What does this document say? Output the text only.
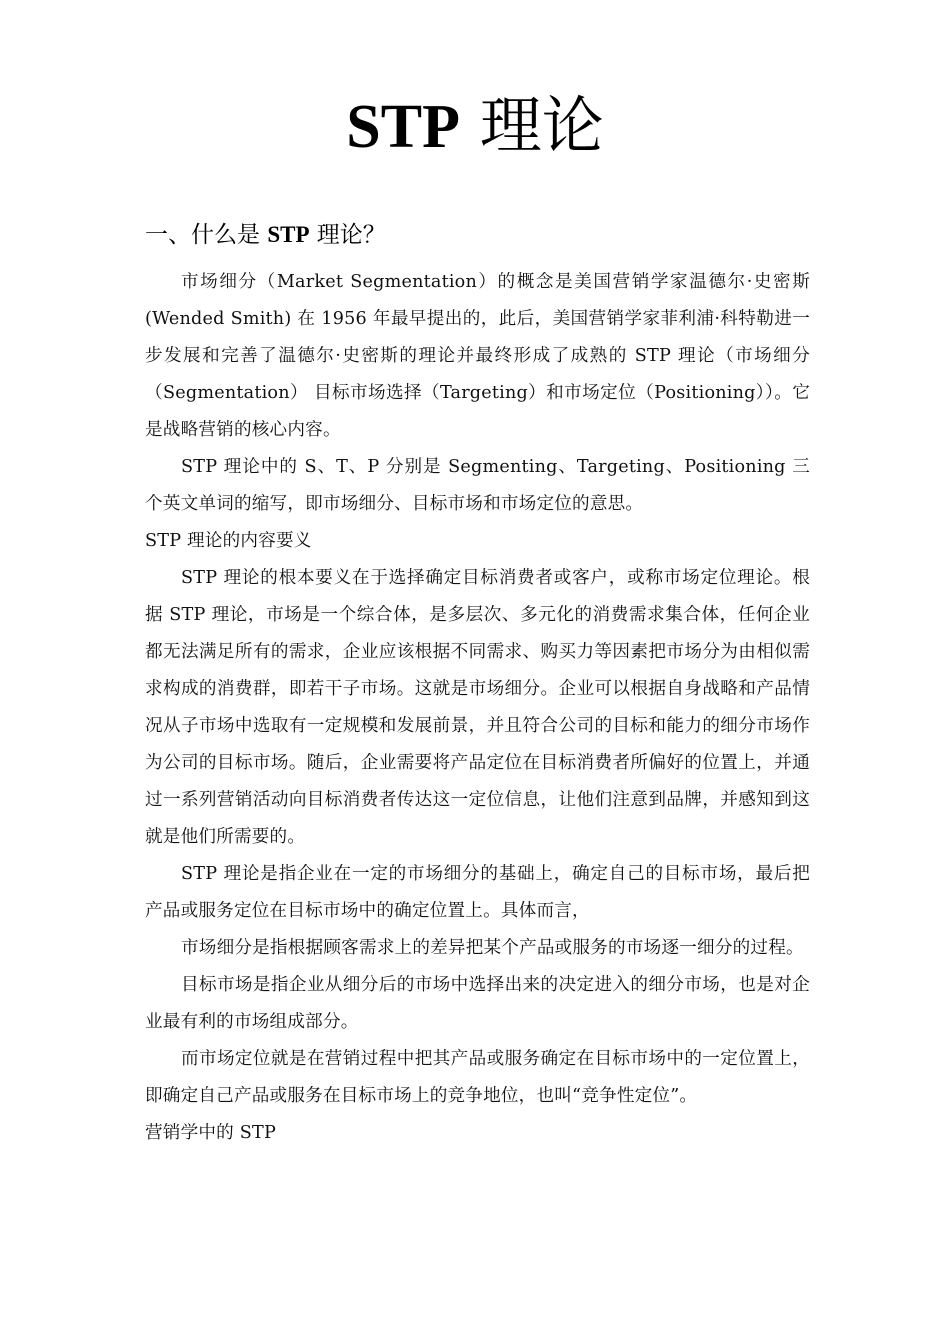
STP 理论
一、什么是 STP 理论？

市场细分（Market Segmentation）的概念是美国营销学家温德尔·史密斯 (Wended Smith) 在 1956 年最早提出的，此后，美国营销学家菲利浦·科特勒进一步发展和完善了温德尔·史密斯的理论并最终形成了成熟的 STP 理论（市场细分（Segmentation） 目标市场选择（Targeting）和市场定位（Positioning））。它是战略营销的核心内容。

STP 理论中的 S、T、P 分别是 Segmenting、Targeting、Positioning 三个英文单词的缩写，即市场细分、目标市场和市场定位的意思。

STP 理论的内容要义

STP 理论的根本要义在于选择确定目标消费者或客户，或称市场定位理论。根据 STP 理论，市场是一个综合体，是多层次、多元化的消费需求集合体，任何企业都无法满足所有的需求，企业应该根据不同需求、购买力等因素把市场分为由相似需求构成的消费群，即若干子市场。这就是市场细分。企业可以根据自身战略和产品情况从子市场中选取有一定规模和发展前景，并且符合公司的目标和能力的细分市场作为公司的目标市场。随后，企业需要将产品定位在目标消费者所偏好的位置上，并通过一系列营销活动向目标消费者传达这一定位信息，让他们注意到品牌，并感知到这就是他们所需要的。

STP 理论是指企业在一定的市场细分的基础上，确定自己的目标市场，最后把产品或服务定位在目标市场中的确定位置上。具体而言，

市场细分是指根据顾客需求上的差异把某个产品或服务的市场逐一细分的过程。

目标市场是指企业从细分后的市场中选择出来的决定进入的细分市场，也是对企业最有利的市场组成部分。

而市场定位就是在营销过程中把其产品或服务确定在目标市场中的一定位置上，即确定自己产品或服务在目标市场上的竞争地位，也叫“竞争性定位”。

营销学中的 STP
